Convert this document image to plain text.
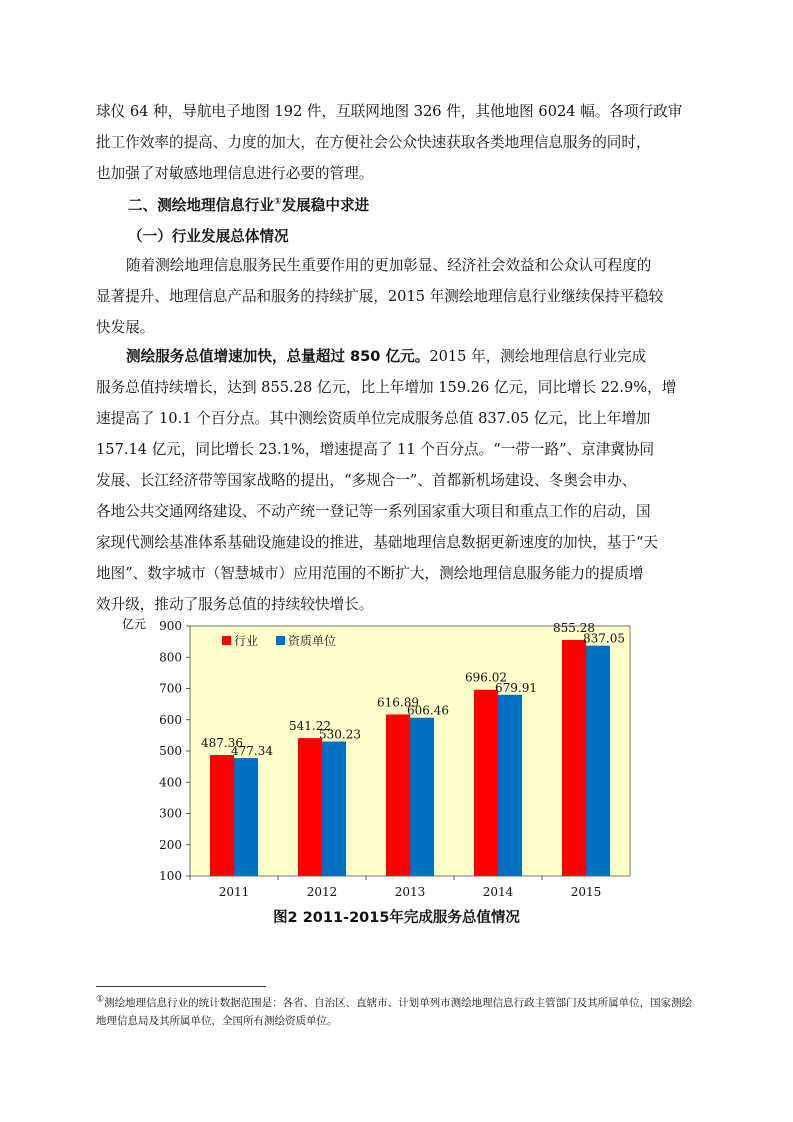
球仪 64 种，导航电子地图 192 件，互联网地图 326 件，其他地图 6024 幅。各项行政审
批工作效率的提高、力度的加大，在方便社会公众快速获取各类地理信息服务的同时，
也加强了对敏感地理信息进行必要的管理。
二、测绘地理信息行业①发展稳中求进
（一）行业发展总体情况
随着测绘地理信息服务民生重要作用的更加彰显、经济社会效益和公众认可程度的
显著提升、地理信息产品和服务的持续扩展，2015 年测绘地理信息行业继续保持平稳较
快发展。
测绘服务总值增速加快，总量超过 850 亿元。2015 年，测绘地理信息行业完成
服务总值持续增长，达到 855.28 亿元，比上年增加 159.26 亿元，同比增长 22.9%，增
速提高了 10.1 个百分点。其中测绘资质单位完成服务总值 837.05 亿元，比上年增加
157.14 亿元，同比增长 23.1%，增速提高了 11 个百分点。“一带一路”、京津冀协同
发展、长江经济带等国家战略的提出，“多规合一”、首都新机场建设、冬奥会申办、
各地公共交通网络建设、不动产统一登记等一系列国家重大项目和重点工作的启动，国
家现代测绘基准体系基础设施建设的推进，基础地理信息数据更新速度的加快，基于“天
地图”、数字城市（智慧城市）应用范围的不断扩大，测绘地理信息服务能力的提质增
效升级，推动了服务总值的持续较快增长。
亿元
100
200
300
400
500
600
700
800
900
487.36
477.34
541.22
530.23
616.89
606.46
696.02
679.91
855.28
837.05
2011	2012	2013	2014	2015
行业 资质单位
图2 2011-2015年完成服务总值情况
①测绘地理信息行业的统计数据范围是：各省、自治区、直辖市、计划单列市测绘地理信息行政主管部门及其所属单位，国家测绘地理信息局及其所属单位，全国所有测绘资质单位。
